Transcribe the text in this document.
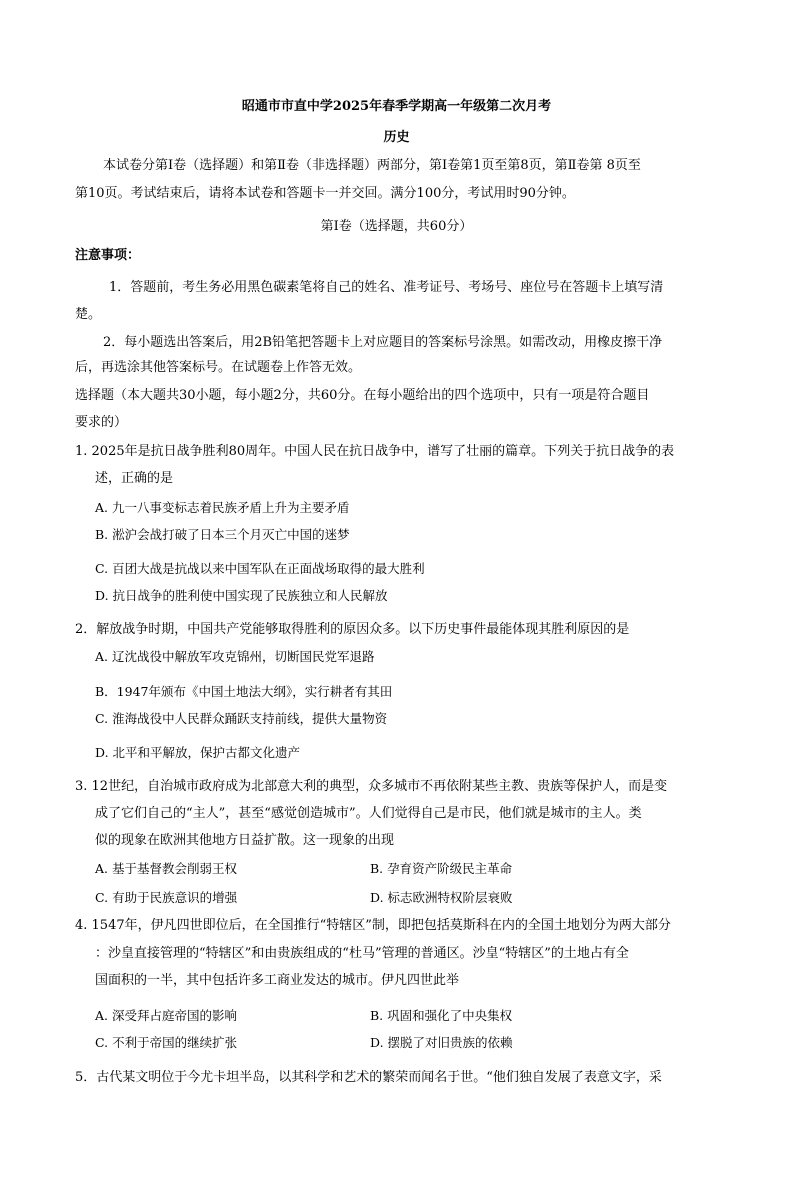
昭通市市直中学2025年春季学期高一年级第二次月考
历史
本试卷分第Ⅰ卷（选择题）和第Ⅱ卷（非选择题）两部分，第Ⅰ卷第1页至第8页，第Ⅱ卷第 8页至
第10页。考试结束后，请将本试卷和答题卡一并交回。满分100分，考试用时90分钟。
第Ⅰ卷（选择题，共60分）
注意事项：
1．答题前，考生务必用黑色碳素笔将自己的姓名、准考证号、考场号、座位号在答题卡上填写清
楚。
2．每小题选出答案后，用2B铅笔把答题卡上对应题目的答案标号涂黑。如需改动，用橡皮擦干净
后，再选涂其他答案标号。在试题卷上作答无效。
选择题（本大题共30小题，每小题2分，共60分。在每小题给出的四个选项中，只有一项是符合题目
要求的）
1. 2025年是抗日战争胜利80周年。中国人民在抗日战争中，谱写了壮丽的篇章。下列关于抗日战争的表
述，正确的是
A. 九一八事变标志着民族矛盾上升为主要矛盾
B. 淞沪会战打破了日本三个月灭亡中国的迷梦
C. 百团大战是抗战以来中国军队在正面战场取得的最大胜利
D. 抗日战争的胜利使中国实现了民族独立和人民解放
2．解放战争时期，中国共产党能够取得胜利的原因众多。以下历史事件最能体现其胜利原因的是
A. 辽沈战役中解放军攻克锦州，切断国民党军退路
B．1947年颁布《中国土地法大纲》，实行耕者有其田
C. 淮海战役中人民群众踊跃支持前线，提供大量物资
D. 北平和平解放，保护古都文化遗产
3. 12世纪，自治城市政府成为北部意大利的典型，众多城市不再依附某些主教、贵族等保护人，而是变
成了它们自己的“主人”，甚至“感觉创造城市”。人们觉得自己是市民，他们就是城市的主人。类
似的现象在欧洲其他地方日益扩散。这一现象的出现
A. 基于基督教会削弱王权	B. 孕育资产阶级民主革命
C. 有助于民族意识的增强	D. 标志欧洲特权阶层衰败
4. 1547年，伊凡四世即位后，在全国推行“特辖区”制，即把包括莫斯科在内的全国土地划分为两大部分
：沙皇直接管理的“特辖区”和由贵族组成的“杜马”管理的普通区。沙皇“特辖区”的土地占有全
国面积的一半，其中包括许多工商业发达的城市。伊凡四世此举
A. 深受拜占庭帝国的影响	B. 巩固和强化了中央集权
C. 不利于帝国的继续扩张	D. 摆脱了对旧贵族的依赖
5．古代某文明位于今尤卡坦半岛，以其科学和艺术的繁荣而闻名于世。“他们独自发展了表意文字，采
